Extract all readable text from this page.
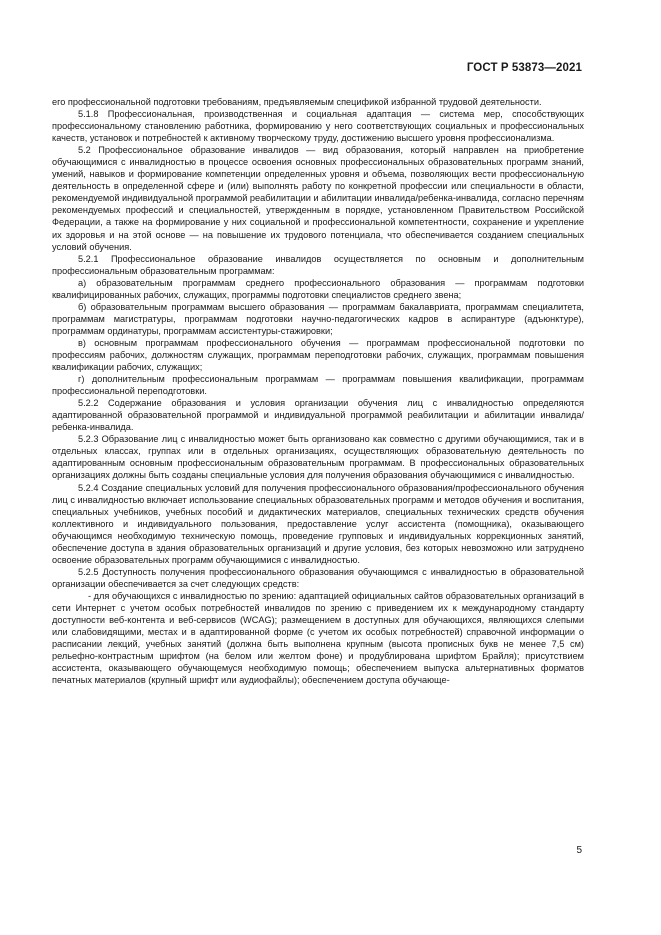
ГОСТ Р 53873—2021

его профессиональной подготовки требованиям, предъявляемым спецификой избранной трудовой деятельности.

5.1.8 Профессиональная, производственная и социальная адаптация — система мер, способствующих профессиональному становлению работника, формированию у него соответствующих социальных и профессиональных качеств, установок и потребностей к активному творческому труду, достижению высшего уровня профессионализма.

5.2 Профессиональное образование инвалидов — вид образования, который направлен на приобретение обучающимися с инвалидностью в процессе освоения основных профессиональных образовательных программ знаний, умений, навыков и формирование компетенции определенных уровня и объема, позволяющих вести профессиональную деятельность в определенной сфере и (или) выполнять работу по конкретной профессии или специальности в области, рекомендуемой индивидуальной программой реабилитации и абилитации инвалида/ребенка-инвалида, согласно перечням рекомендуемых профессий и специальностей, утвержденным в порядке, установленном Правительством Российской Федерации, а также на формирование у них социальной и профессиональной компетентности, сохранение и укрепление их здоровья и на этой основе — на повышение их трудового потенциала, что обеспечивается созданием специальных условий обучения.

5.2.1 Профессиональное образование инвалидов осуществляется по основным и дополнительным профессиональным образовательным программам:

а) образовательным программам среднего профессионального образования — программам подготовки квалифицированных рабочих, служащих, программы подготовки специалистов среднего звена;

б) образовательным программам высшего образования — программам бакалавриата, программам специалитета, программам магистратуры, программам подготовки научно-педагогических кадров в аспирантуре (адъюнктуре), программам ординатуры, программам ассистентуры-стажировки;

в) основным программам профессионального обучения — программам профессиональной подготовки по профессиям рабочих, должностям служащих, программам переподготовки рабочих, служащих, программам повышения квалификации рабочих, служащих;

г) дополнительным профессиональным программам — программам повышения квалификации, программам профессиональной переподготовки.

5.2.2 Содержание образования и условия организации обучения лиц с инвалидностью определяются адаптированной образовательной программой и индивидуальной программой реабилитации и абилитации инвалида/ребенка-инвалида.

5.2.3 Образование лиц с инвалидностью может быть организовано как совместно с другими обучающимися, так и в отдельных классах, группах или в отдельных организациях, осуществляющих образовательную деятельность по адаптированным основным профессиональным образовательным программам. В профессиональных образовательных организациях должны быть созданы специальные условия для получения образования обучающимися с инвалидностью.

5.2.4 Создание специальных условий для получения профессионального образования/профессионального обучения лиц с инвалидностью включает использование специальных образовательных программ и методов обучения и воспитания, специальных учебников, учебных пособий и дидактических материалов, специальных технических средств обучения коллективного и индивидуального пользования, предоставление услуг ассистента (помощника), оказывающего обучающимся необходимую техническую помощь, проведение групповых и индивидуальных коррекционных занятий, обеспечение доступа в здания образовательных организаций и другие условия, без которых невозможно или затруднено освоение образовательных программ обучающимися с инвалидностью.

5.2.5 Доступность получения профессионального образования обучающимся с инвалидностью в образовательной организации обеспечивается за счет следующих средств:

- для обучающихся с инвалидностью по зрению: адаптацией официальных сайтов образовательных организаций в сети Интернет с учетом особых потребностей инвалидов по зрению с приведением их к международному стандарту доступности веб-контента и веб-сервисов (WCAG); размещением в доступных для обучающихся, являющихся слепыми или слабовидящими, местах и в адаптированной форме (с учетом их особых потребностей) справочной информации о расписании лекций, учебных занятий (должна быть выполнена крупным (высота прописных букв не менее 7,5 см) рельефно-контрастным шрифтом (на белом или желтом фоне) и продублирована шрифтом Брайля); присутствием ассистента, оказывающего обучающемуся необходимую помощь; обеспечением выпуска альтернативных форматов печатных материалов (крупный шрифт или аудиофайлы); обеспечением доступа обучающе-

5
